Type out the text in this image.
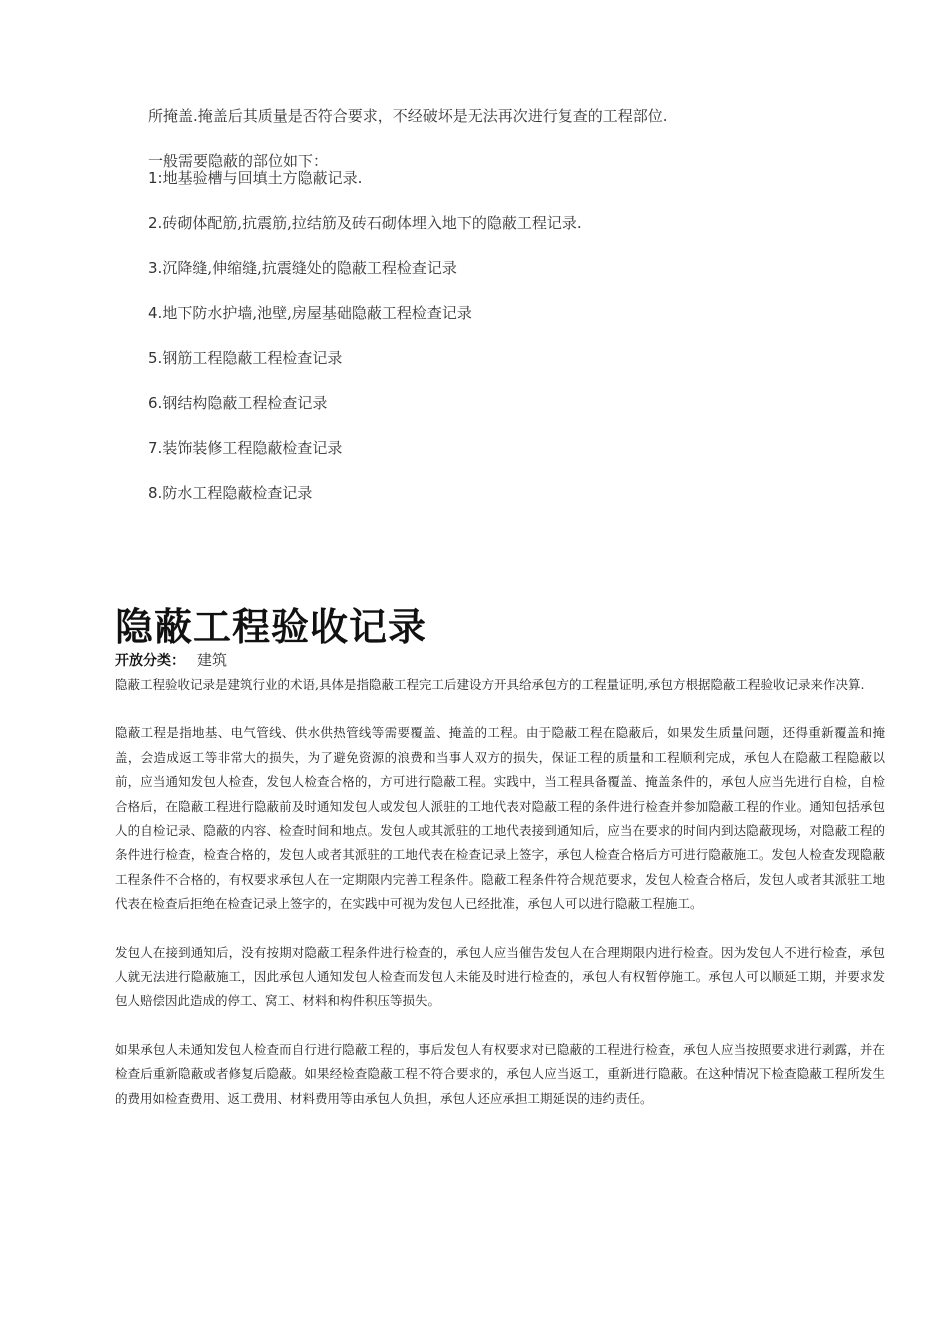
所掩盖.掩盖后其质量是否符合要求，不经破坏是无法再次进行复查的工程部位.

一般需要隐蔽的部位如下：

1:地基验槽与回填土方隐蔽记录.
2.砖砌体配筋,抗震筋,拉结筋及砖石砌体埋入地下的隐蔽工程记录.
3.沉降缝,伸缩缝,抗震缝处的隐蔽工程检查记录
4.地下防水护墙,池壁,房屋基础隐蔽工程检查记录
5.钢筋工程隐蔽工程检查记录
6.钢结构隐蔽工程检查记录
7.装饰装修工程隐蔽检查记录
8.防水工程隐蔽检查记录
隐蔽工程验收记录
开放分类： 建筑

隐蔽工程验收记录是建筑行业的术语,具体是指隐蔽工程完工后建设方开具给承包方的工程量证明,承包方根据隐蔽工程验收记录来作决算.

隐蔽工程是指地基、电气管线、供水供热管线等需要覆盖、掩盖的工程。由于隐蔽工程在隐蔽后，如果发生质量问题，还得重新覆盖和掩盖，会造成返工等非常大的损失，为了避免资源的浪费和当事人双方的损失，保证工程的质量和工程顺利完成，承包人在隐蔽工程隐蔽以前，应当通知发包人检查，发包人检查合格的，方可进行隐蔽工程。实践中，当工程具备覆盖、掩盖条件的，承包人应当先进行自检，自检合格后，在隐蔽工程进行隐蔽前及时通知发包人或发包人派驻的工地代表对隐蔽工程的条件进行检查并参加隐蔽工程的作业。通知包括承包人的自检记录、隐蔽的内容、检查时间和地点。发包人或其派驻的工地代表接到通知后，应当在要求的时间内到达隐蔽现场，对隐蔽工程的条件进行检查，检查合格的，发包人或者其派驻的工地代表在检查记录上签字，承包人检查合格后方可进行隐蔽施工。发包人检查发现隐蔽工程条件不合格的，有权要求承包人在一定期限内完善工程条件。隐蔽工程条件符合规范要求，发包人检查合格后，发包人或者其派驻工地代表在检查后拒绝在检查记录上签字的，在实践中可视为发包人已经批准，承包人可以进行隐蔽工程施工。

发包人在接到通知后，没有按期对隐蔽工程条件进行检查的，承包人应当催告发包人在合理期限内进行检查。因为发包人不进行检查，承包人就无法进行隐蔽施工，因此承包人通知发包人检查而发包人未能及时进行检查的，承包人有权暂停施工。承包人可以顺延工期，并要求发包人赔偿因此造成的停工、窝工、材料和构件积压等损失。

如果承包人未通知发包人检查而自行进行隐蔽工程的，事后发包人有权要求对已隐蔽的工程进行检查，承包人应当按照要求进行剥露，并在检查后重新隐蔽或者修复后隐蔽。如果经检查隐蔽工程不符合要求的，承包人应当返工，重新进行隐蔽。在这种情况下检查隐蔽工程所发生的费用如检查费用、返工费用、材料费用等由承包人负担，承包人还应承担工期延误的违约责任。
